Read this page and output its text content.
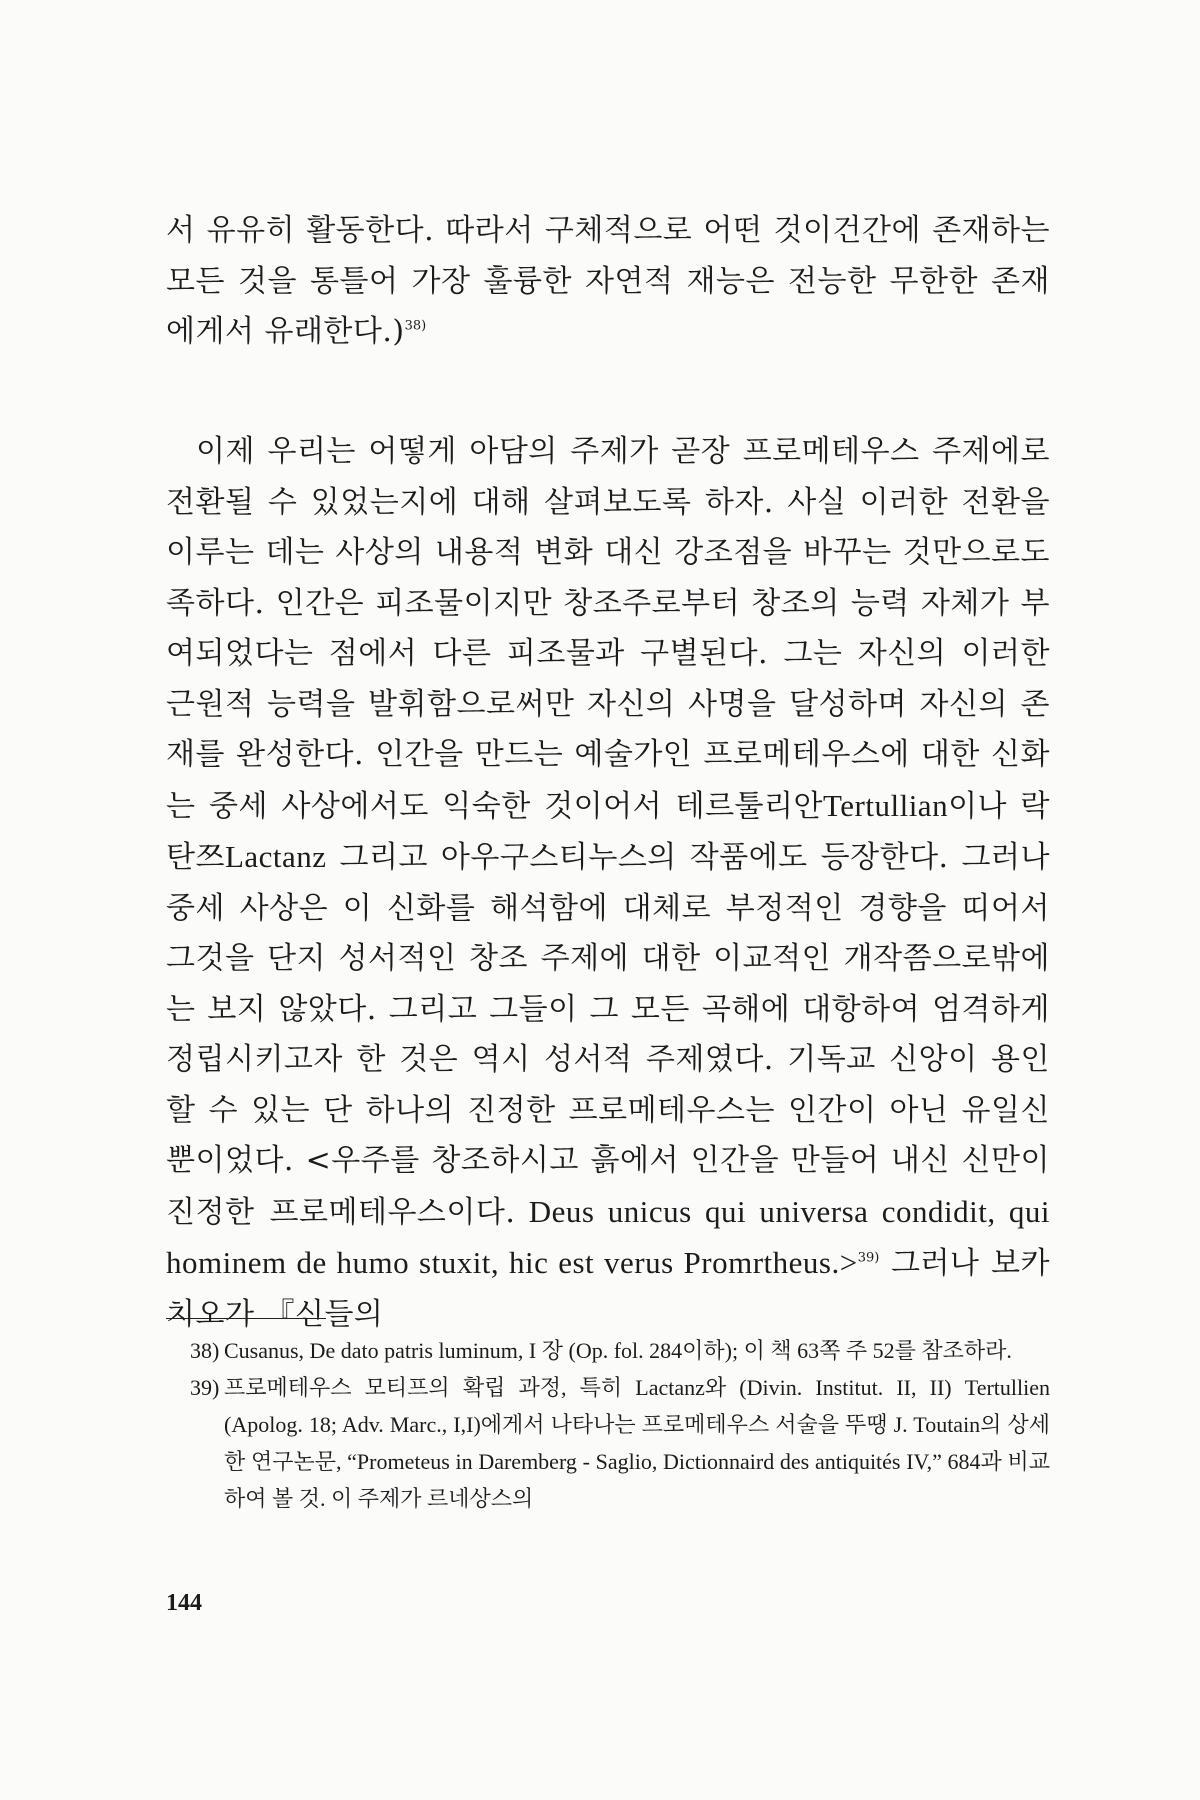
서 유유히 활동한다. 따라서 구체적으로 어떤 것이건간에 존재하는 모든 것을 통틀어 가장 훌륭한 자연적 재능은 전능한 무한한 존재에게서 유래한다.)$^{38)}$

이제 우리는 어떻게 아담의 주제가 곧장 프로메테우스 주제에로 전환될 수 있었는지에 대해 살펴보도록 하자. 사실 이러한 전환을 이루는 데는 사상의 내용적 변화 대신 강조점을 바꾸는 것만으로도 족하다. 인간은 피조물이지만 창조주로부터 창조의 능력 자체가 부여되었다는 점에서 다른 피조물과 구별된다. 그는 자신의 이러한 근원적 능력을 발휘함으로써만 자신의 사명을 달성하며 자신의 존재를 완성한다. 인간을 만드는 예술가인 프로메테우스에 대한 신화는 중세 사상에서도 익숙한 것이어서 테르툴리안Tertullian이나 락탄쯔Lactanz 그리고 아우구스티누스의 작품에도 등장한다. 그러나 중세 사상은 이 신화를 해석함에 대체로 부정적인 경향을 띠어서 그것을 단지 성서적인 창조 주제에 대한 이교적인 개작쯤으로밖에는 보지 않았다. 그리고 그들이 그 모든 곡해에 대항하여 엄격하게 정립시키고자 한 것은 역시 성서적 주제였다. 기독교 신앙이 용인할 수 있는 단 하나의 진정한 프로메테우스는 인간이 아닌 유일신뿐이었다. <우주를 창조하시고 흙에서 인간을 만들어 내신 신만이 진정한 프로메테우스이다. Deus unicus qui universa condidit, qui hominem de humo stuxit, hic est verus Promrtheus.>$^{39)}$ 그러나 보카치오가 『신들의

38) Cusanus, De dato patris luminum, I 장 (Op. fol. 284이하); 이 책 63쪽 주 52를 참조하라.
39) 프로메테우스 모티프의 확립 과정, 특히 Lactanz와 (Divin. Institut. II, II) Tertullien (Apolog. 18; Adv. Marc., I,I)에게서 나타나는 프로메테우스 서술을 뚜땡 J. Toutain의 상세한 연구논문, “Prometeus in Daremberg - Saglio, Dictionnaird des antiquités IV,” 684과 비교하여 볼 것. 이 주제가 르네상스의
144
